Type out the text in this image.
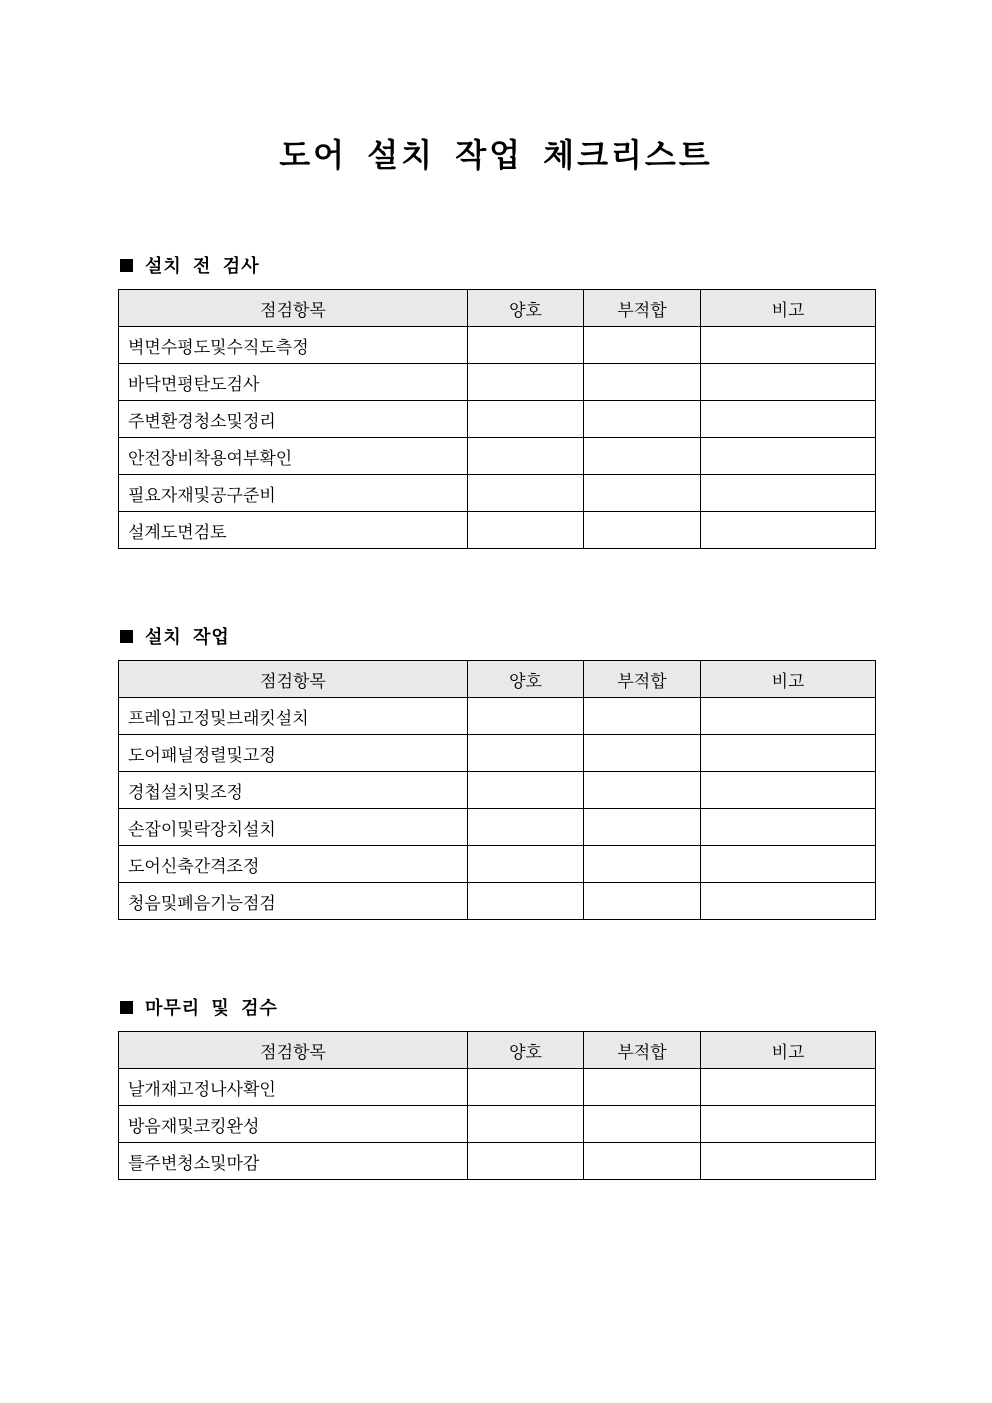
도어 설치 작업 체크리스트
설치 전 검사
점검항목	양호	부적합	비고
벽면수평도및수직도측정			
바닥면평탄도검사			
주변환경청소및정리			
안전장비착용여부확인			
필요자재및공구준비			
설계도면검토			
설치 작업
점검항목	양호	부적합	비고
프레임고정및브래킷설치			
도어패널정렬및고정			
경첩설치및조정			
손잡이및락장치설치			
도어신축간격조정			
청음및폐음기능점검			
마무리 및 검수
점검항목	양호	부적합	비고
날개재고정나사확인			
방음재및코킹완성			
틀주변청소및마감			
